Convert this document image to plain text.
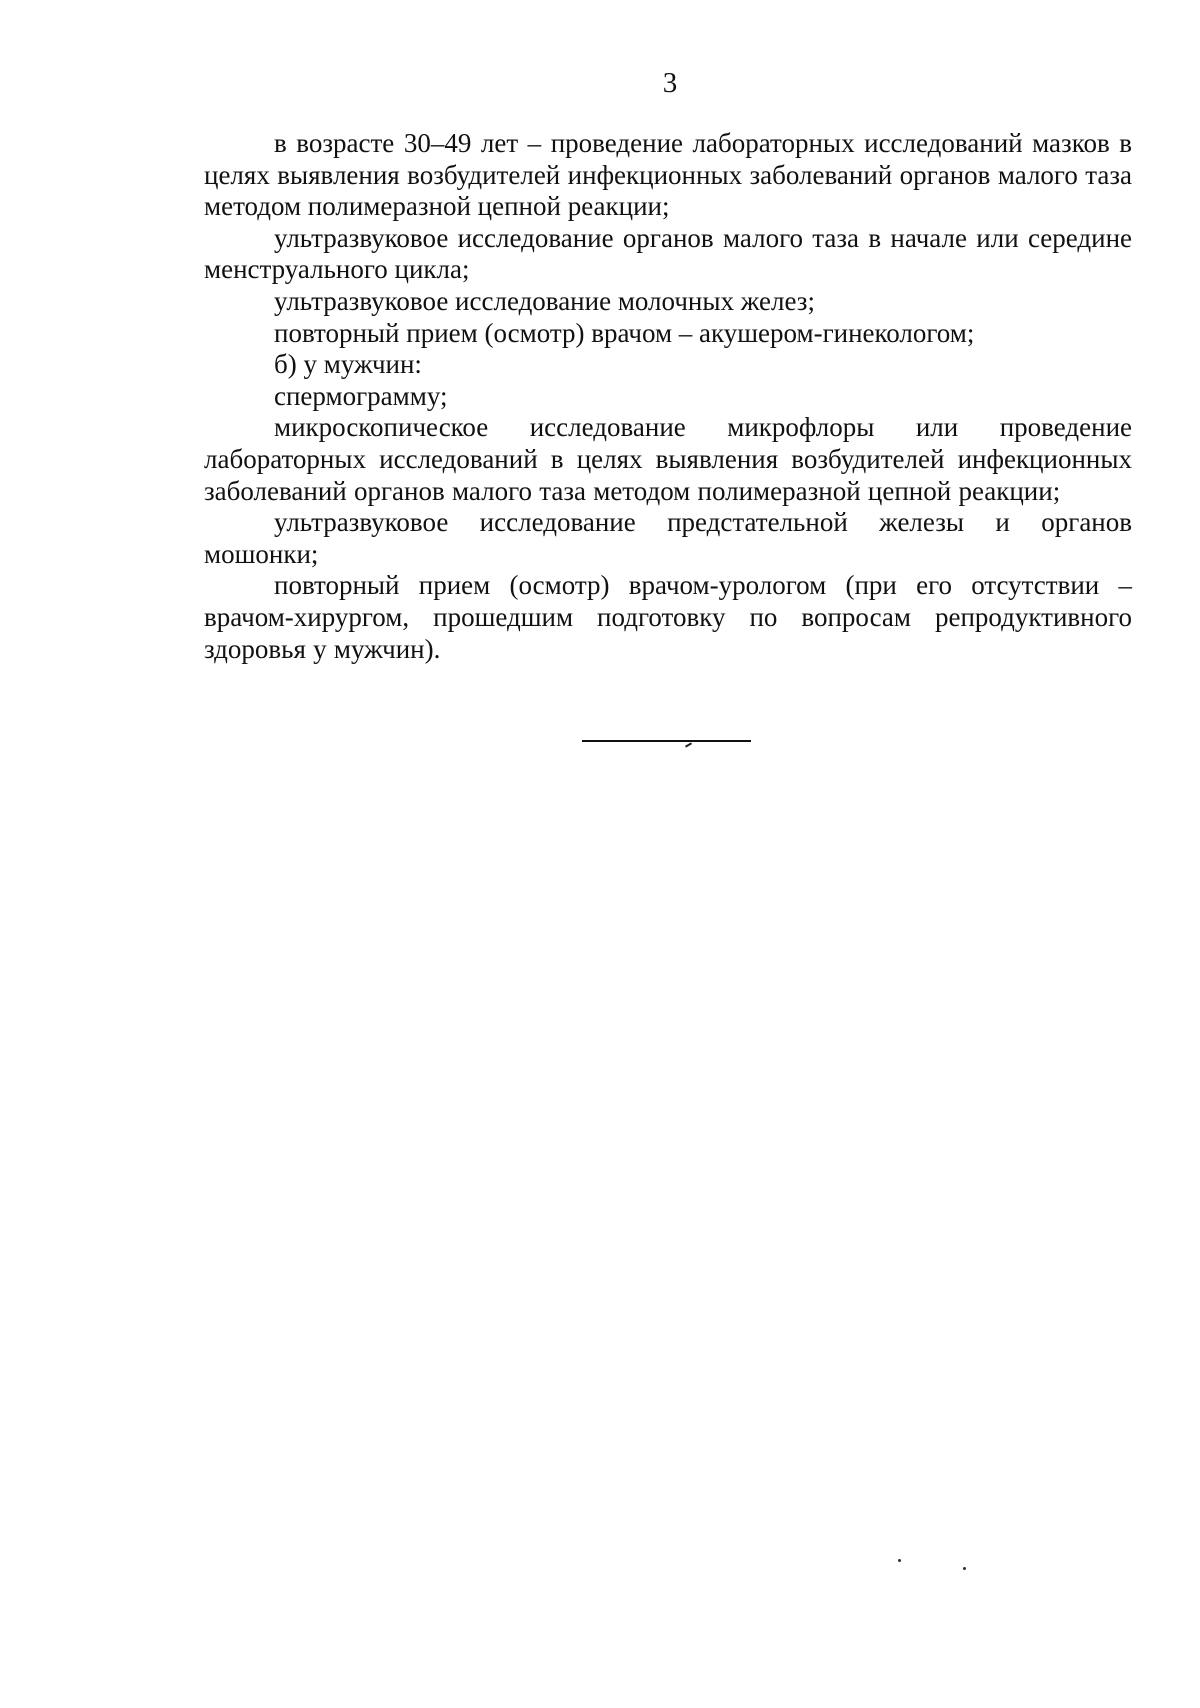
3

в возрасте 30–49 лет – проведение лабораторных исследований мазков в целях выявления возбудителей инфекционных заболеваний органов малого таза методом полимеразной цепной реакции;

ультразвуковое исследование органов малого таза в начале или середине менструального цикла;

ультразвуковое исследование молочных желез;

повторный прием (осмотр) врачом – акушером-гинекологом;

б) у мужчин:

спермограмму;

микроскопическое исследование микрофлоры или проведение лабораторных исследований в целях выявления возбудителей инфекционных заболеваний органов малого таза методом полимеразной цепной реакции;

ультразвуковое исследование предстательной железы и органов мошонки;

повторный прием (осмотр) врачом-урологом (при его отсутствии – врачом-хирургом, прошедшим подготовку по вопросам репродуктивного здоровья у мужчин).
